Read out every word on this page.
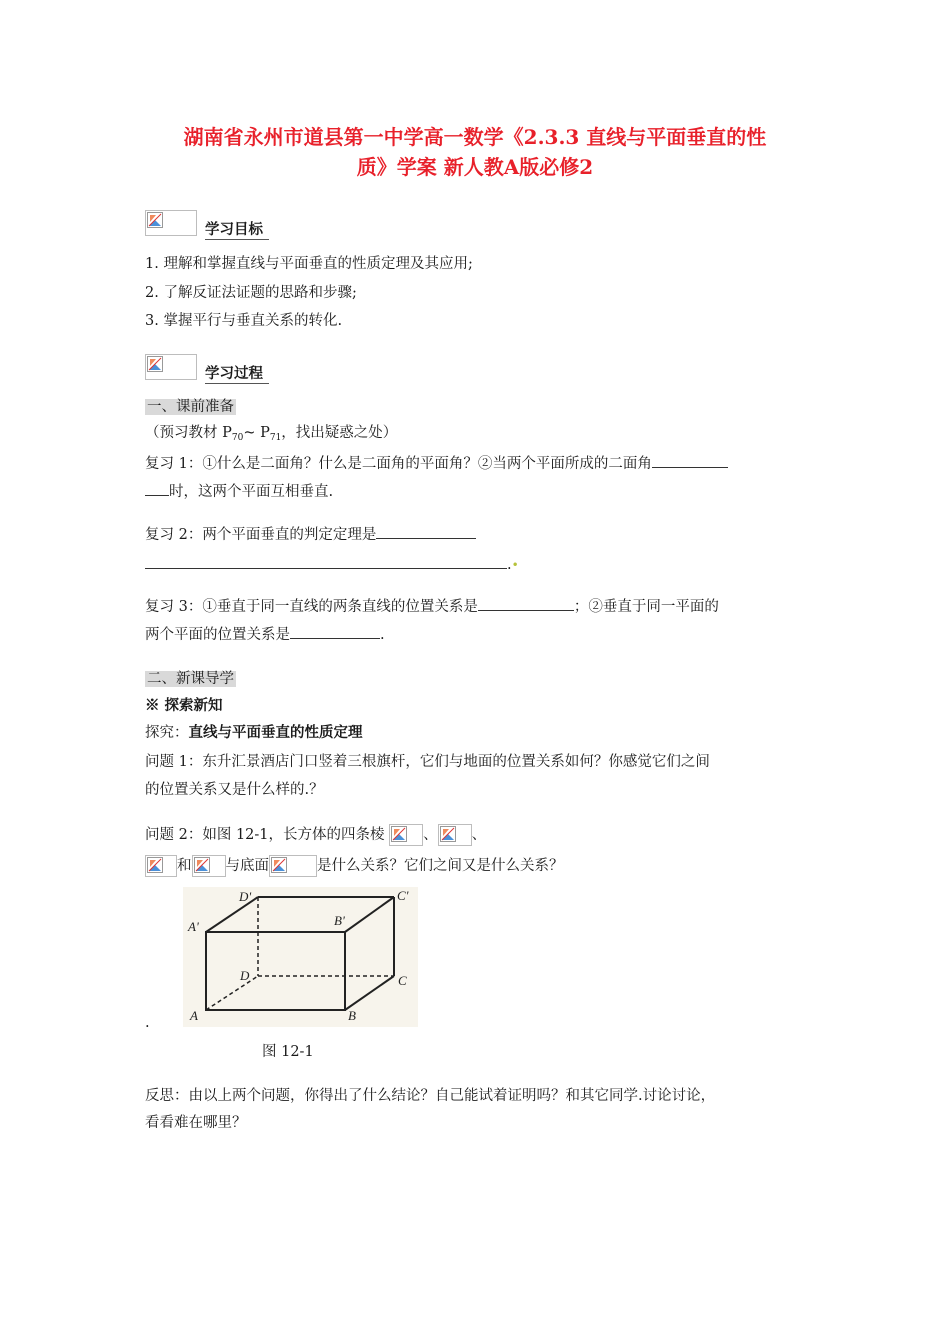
湖南省永州市道县第一中学高一数学《2.3.3 直线与平面垂直的性
质》学案 新人教A版必修2
学习目标
1. 理解和掌握直线与平面垂直的性质定理及其应用;
2. 了解反证法证题的思路和步骤;
3. 掌握平行与垂直关系的转化.
学习过程
一、课前准备
（预习教材 $P_{70}\sim$ $P_{71}$，找出疑惑之处）
复习 1：①什么是二面角？什么是二面角的平面角？②当两个平面所成的二面角
时，这两个平面互相垂直.
复习 2：两个平面垂直的判定定理是
.•
复习 3：①垂直于同一直线的两条直线的位置关系是	；②垂直于同一平面的
两个平面的位置关系是	.
二、新课导学
※ 探索新知
探究：直线与平面垂直的性质定理
问题 1：东升汇景酒店门口竖着三根旗杆，它们与地面的位置关系如何？你感觉它们之间
的位置关系又是什么样的.？
问题 2：如图 12-1，长方体的四条棱	、 、
和 与底面	是什么关系？它们之间又是什么关系？
D'	C'
A'	B'
D	C
A	B
.
图 12-1
反思：由以上两个问题，你得出了什么结论？自己能试着证明吗？和其它同学.讨论讨论，
看看难在哪里？
